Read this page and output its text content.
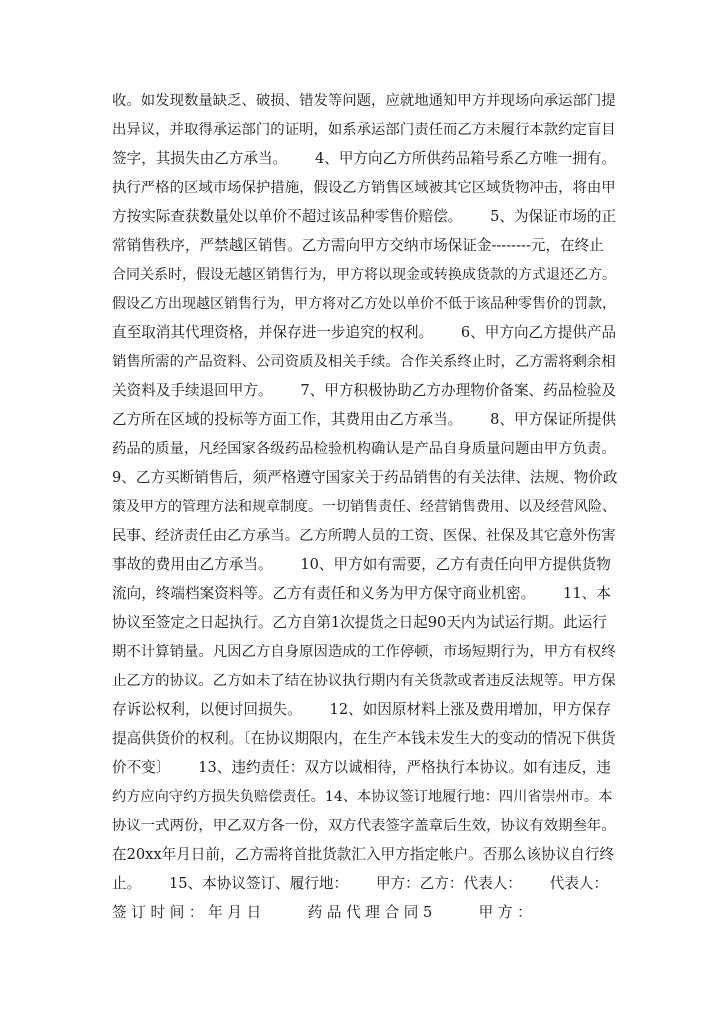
收。如发现数量缺乏、破损、错发等问题，应就地通知甲方并现场向承运部门提
出异议，并取得承运部门的证明，如系承运部门责任而乙方未履行本款约定盲目
签字，其损失由乙方承当。      4、甲方向乙方所供药品箱号系乙方唯一拥有。
执行严格的区域市场保护措施，假设乙方销售区域被其它区域货物冲击，将由甲
方按实际查获数量处以单价不超过该品种零售价赔偿。      5、为保证市场的正
常销售秩序，严禁越区销售。乙方需向甲方交纳市场保证金--------元，在终止
合同关系时，假设无越区销售行为，甲方将以现金或转换成货款的方式退还乙方。
假设乙方出现越区销售行为，甲方将对乙方处以单价不低于该品种零售价的罚款，
直至取消其代理资格，并保存进一步追究的权利。      6、甲方向乙方提供产品
销售所需的产品资料、公司资质及相关手续。合作关系终止时，乙方需将剩余相
关资料及手续退回甲方。      7、甲方积极协助乙方办理物价备案、药品检验及
乙方所在区域的投标等方面工作，其费用由乙方承当。      8、甲方保证所提供
药品的质量，凡经国家各级药品检验机构确认是产品自身质量问题由甲方负责。
9、乙方买断销售后，须严格遵守国家关于药品销售的有关法律、法规、物价政
策及甲方的管理方法和规章制度。一切销售责任、经营销售费用、以及经营风险、
民事、经济责任由乙方承当。乙方所聘人员的工资、医保、社保及其它意外伤害
事故的费用由乙方承当。      10、甲方如有需要，乙方有责任向甲方提供货物
流向，终端档案资料等。乙方有责任和义务为甲方保守商业机密。      11、本
协议至签定之日起执行。乙方自第1次提货之日起90天内为试运行期。此运行
期不计算销量。凡因乙方自身原因造成的工作停顿，市场短期行为，甲方有权终
止乙方的协议。乙方如未了结在协议执行期内有关货款或者违反法规等。甲方保
存诉讼权利，以便讨回损失。      12、如因原材料上涨及费用增加，甲方保存
提高供货价的权利。〔在协议期限内，在生产本钱未发生大的变动的情况下供货
价不变〕      13、违约责任：双方以诚相待，严格执行本协议。如有违反，违
约方应向守约方损失负赔偿责任。14、本协议签订地履行地：四川省崇州市。本
协议一式两份，甲乙双方各一份，双方代表签字盖章后生效，协议有效期叁年。
在20xx年月日前，乙方需将首批货款汇入甲方指定帐户。否那么该协议自行终
止。      15、本协议签订、履行地：      甲方：乙方：代表人：      代表人：
签 订 时 间 ： 年 月 日          药 品 代 理 合 同 5          甲 方 ：
